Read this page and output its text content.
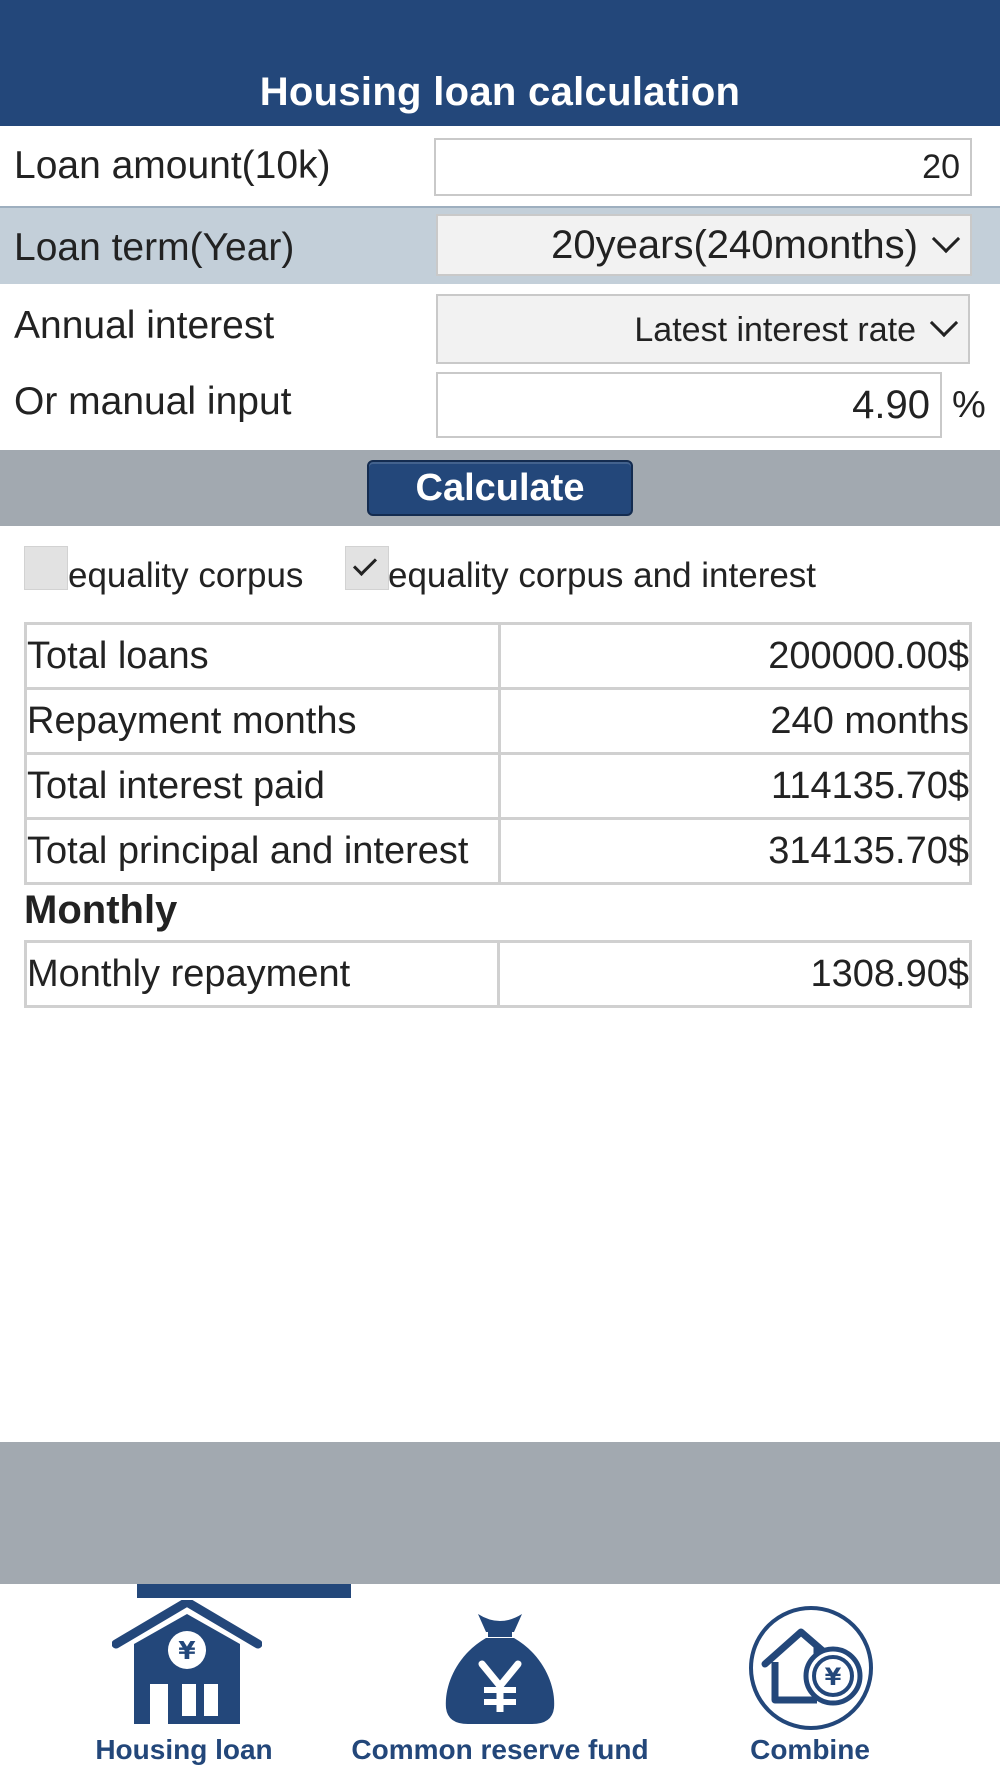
Housing loan calculation
Loan amount(10k)	20
Loan term(Year)	20years(240months)
Annual interest	Latest interest rate
Or manual input	4.90 %
Calculate
equality corpus equality corpus and interest
Total loans	200000.00$
Repayment months	240 months
Total interest paid	114135.70$
Total principal and interest	314135.70$
Monthly
Monthly repayment	1308.90$
¥
Housing loan	Common reserve fund
¥
Combine
